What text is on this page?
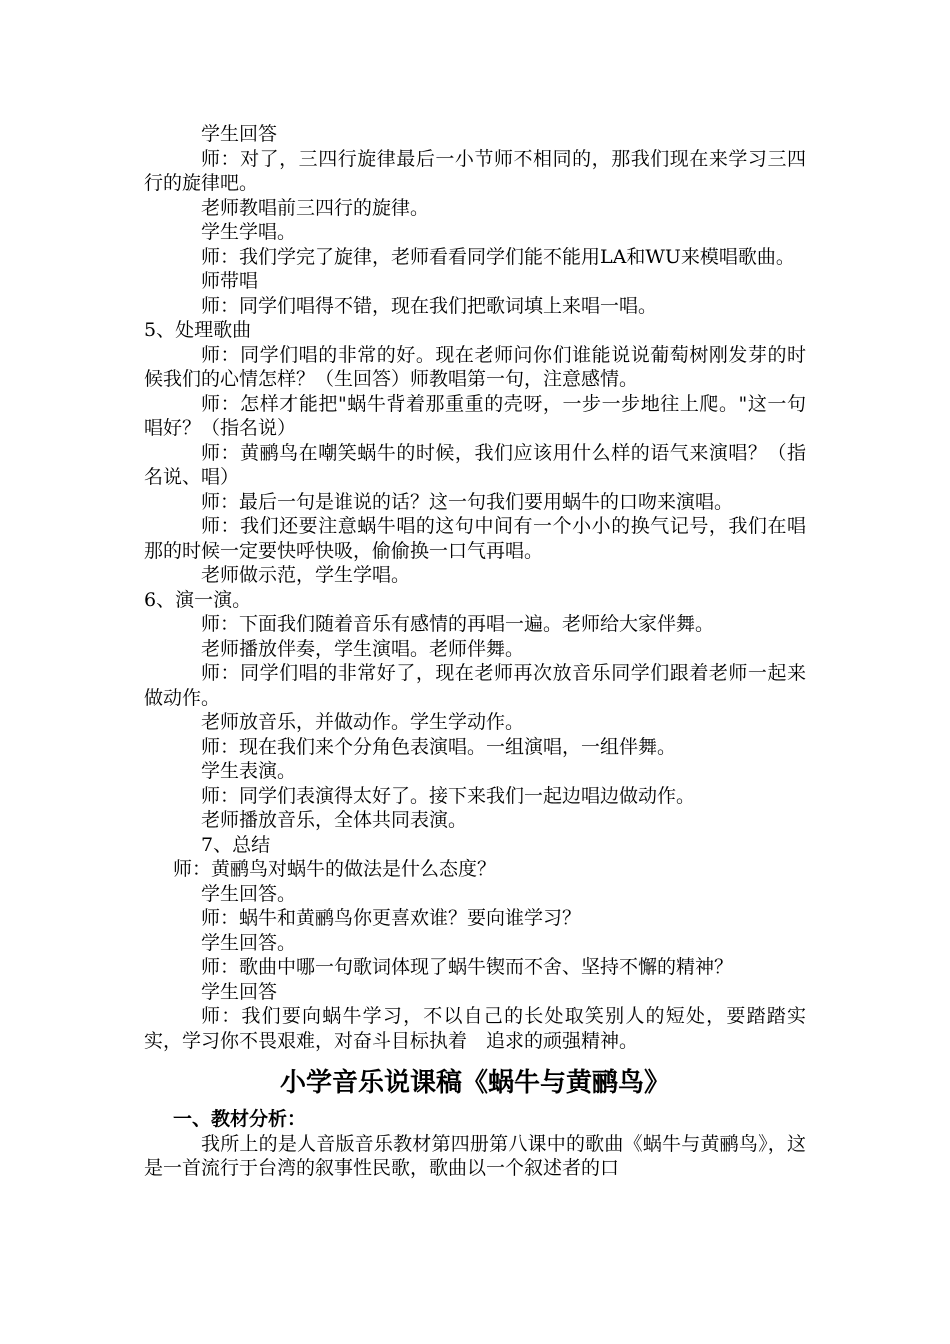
学生回答

师：对了，三四行旋律最后一小节师不相同的，那我们现在来学习三四行的旋律吧。

老师教唱前三四行的旋律。

学生学唱。

师：我们学完了旋律，老师看看同学们能不能用LA和WU来模唱歌曲。

师带唱

师：同学们唱得不错，现在我们把歌词填上来唱一唱。

5、处理歌曲

师：同学们唱的非常的好。现在老师问你们谁能说说葡萄树刚发芽的时候我们的心情怎样？（生回答）师教唱第一句，注意感情。

师：怎样才能把"蜗牛背着那重重的壳呀，一步一步地往上爬。"这一句唱好？（指名说）

师：黄鹂鸟在嘲笑蜗牛的时候，我们应该用什么样的语气来演唱？（指名说、唱）

师：最后一句是谁说的话？这一句我们要用蜗牛的口吻来演唱。

师：我们还要注意蜗牛唱的这句中间有一个小小的换气记号，我们在唱那的时候一定要快呼快吸，偷偷换一口气再唱。

老师做示范，学生学唱。

6、演一演。

师：下面我们随着音乐有感情的再唱一遍。老师给大家伴舞。

老师播放伴奏，学生演唱。老师伴舞。

师：同学们唱的非常好了，现在老师再次放音乐同学们跟着老师一起来做动作。

老师放音乐，并做动作。学生学动作。

师：现在我们来个分角色表演唱。一组演唱，一组伴舞。

学生表演。

师：同学们表演得太好了。接下来我们一起边唱边做动作。

老师播放音乐，全体共同表演。

7、总结

师：黄鹂鸟对蜗牛的做法是什么态度？

学生回答。

师：蜗牛和黄鹂鸟你更喜欢谁？要向谁学习？

学生回答。

师：歌曲中哪一句歌词体现了蜗牛锲而不舍、坚持不懈的精神？

学生回答

师：我们要向蜗牛学习，不以自己的长处取笑别人的短处，要踏踏实实，学习你不畏艰难，对奋斗目标执着　追求的顽强精神。

小学音乐说课稿《蜗牛与黄鹂鸟》

一、教材分析：

我所上的是人音版音乐教材第四册第八课中的歌曲《蜗牛与黄鹂鸟》，这是一首流行于台湾的叙事性民歌，歌曲以一个叙述者的口
